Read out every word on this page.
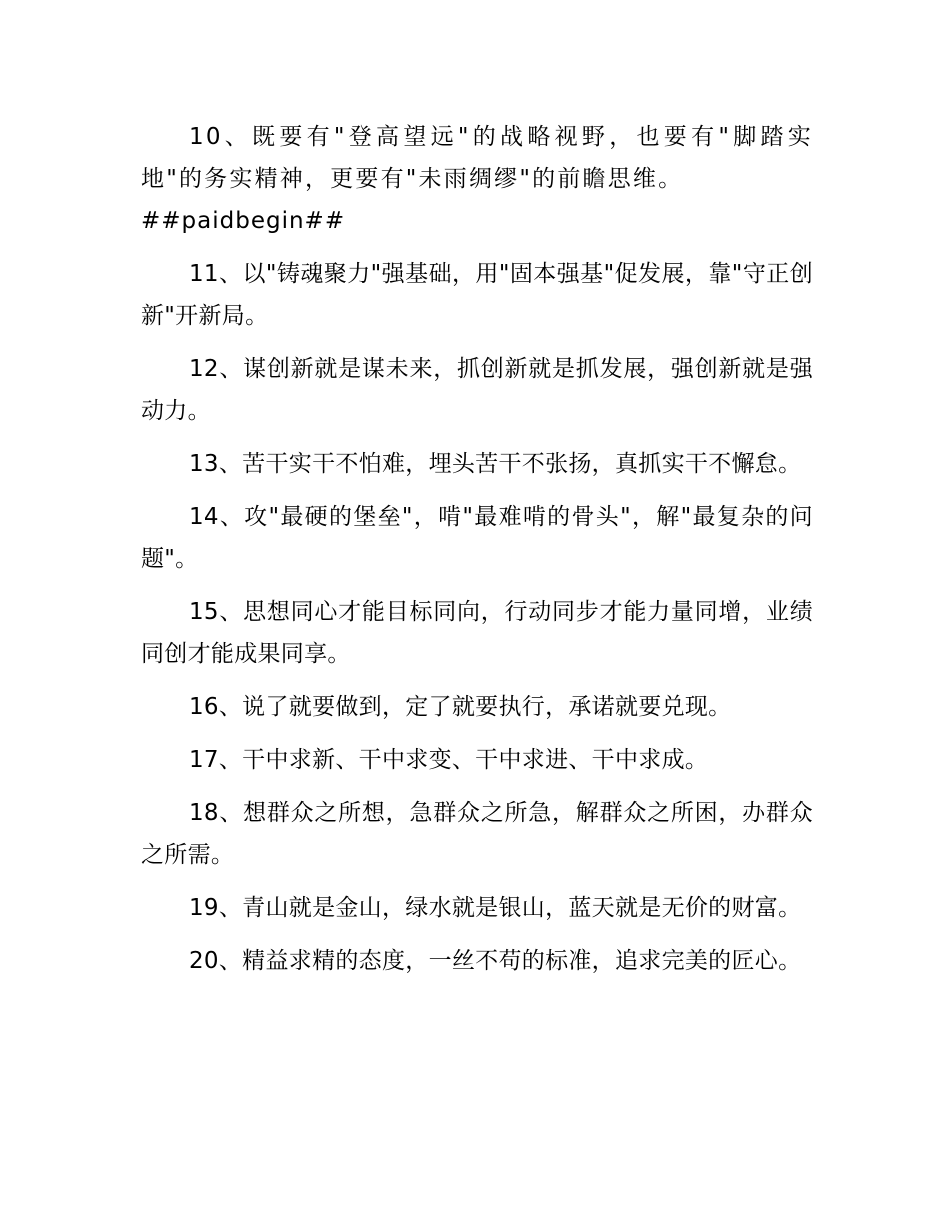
10、既要有"登高望远"的战略视野，也要有"脚踏实地"的务实精神，更要有"未雨绸缪"的前瞻思维。

##paidbegin##

11、以"铸魂聚力"强基础，用"固本强基"促发展，靠"守正创新"开新局。

12、谋创新就是谋未来，抓创新就是抓发展，强创新就是强动力。

13、苦干实干不怕难，埋头苦干不张扬，真抓实干不懈怠。

14、攻"最硬的堡垒"，啃"最难啃的骨头"，解"最复杂的问题"。

15、思想同心才能目标同向，行动同步才能力量同增，业绩同创才能成果同享。

16、说了就要做到，定了就要执行，承诺就要兑现。

17、干中求新、干中求变、干中求进、干中求成。

18、想群众之所想，急群众之所急，解群众之所困，办群众之所需。

19、青山就是金山，绿水就是银山，蓝天就是无价的财富。

20、精益求精的态度，一丝不苟的标准，追求完美的匠心。
